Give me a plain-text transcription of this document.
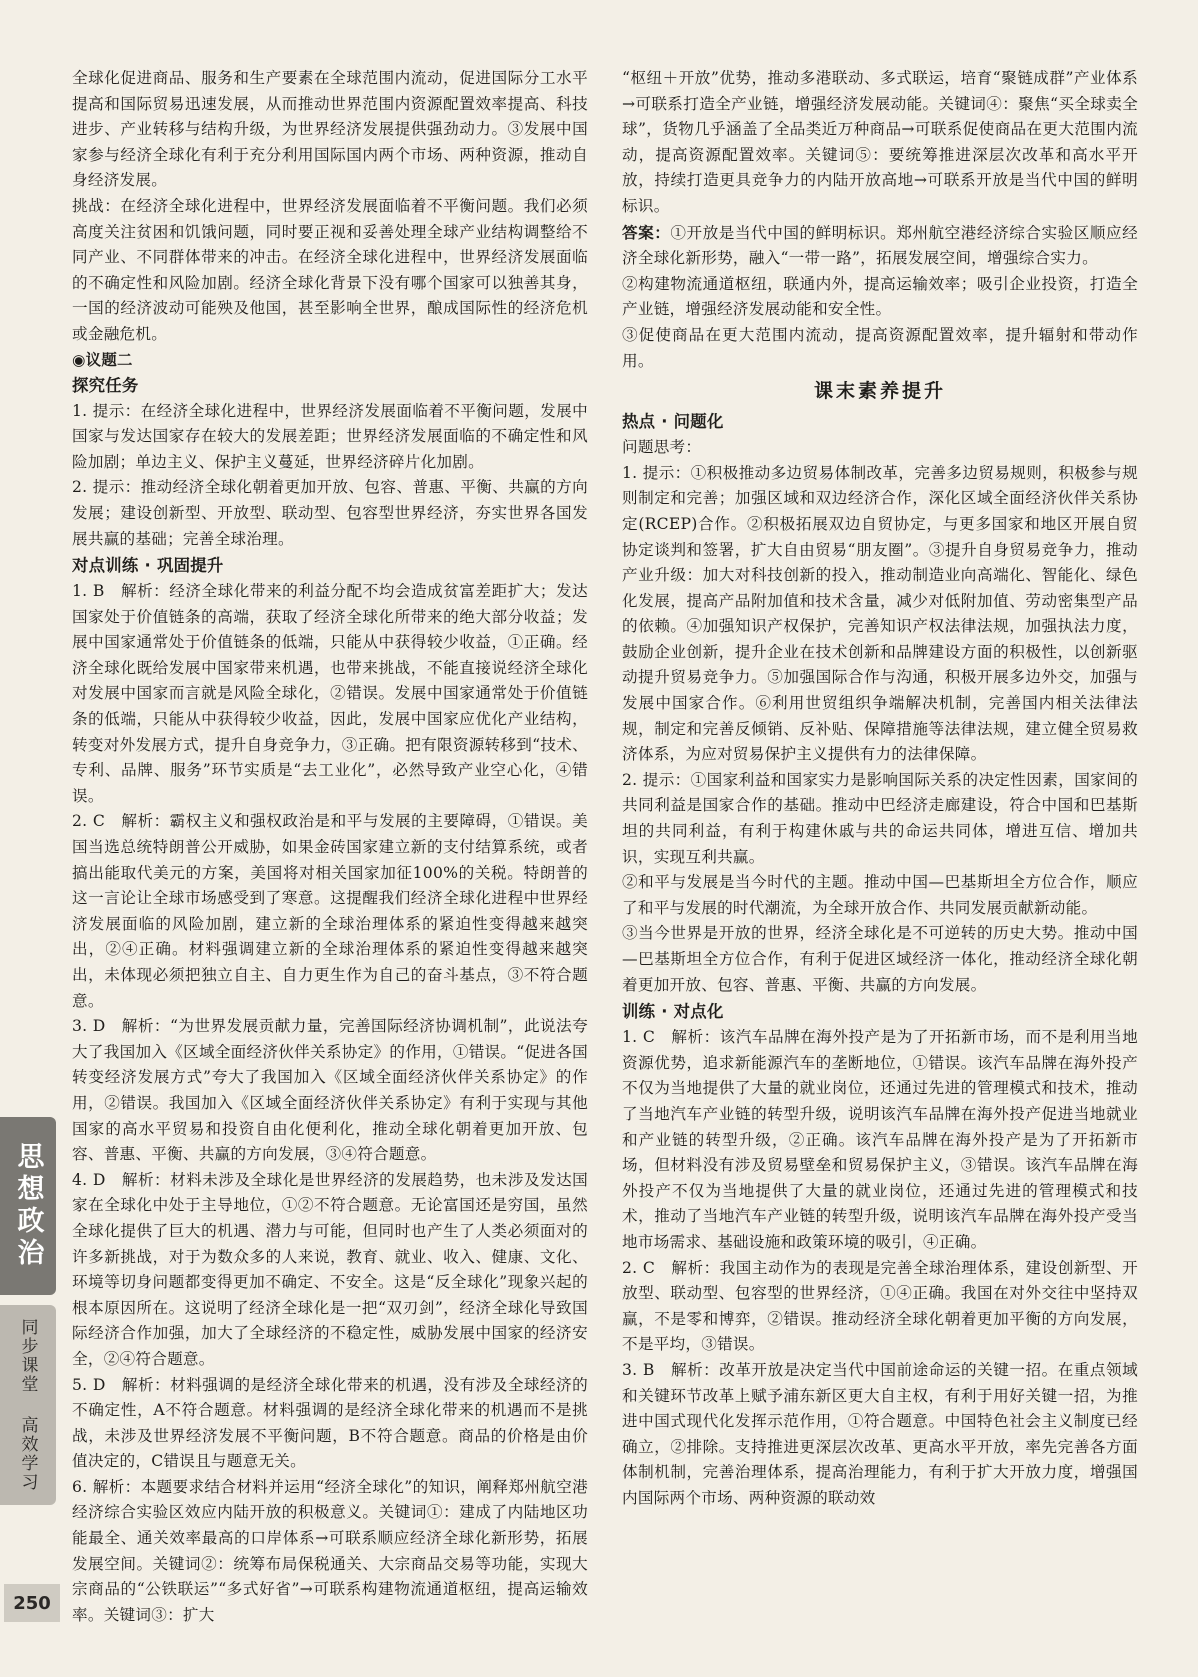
全球化促进商品、服务和生产要素在全球范围内流动，促进国际分工水平提高和国际贸易迅速发展，从而推动世界范围内资源配置效率提高、科技进步、产业转移与结构升级，为世界经济发展提供强劲动力。③发展中国家参与经济全球化有利于充分利用国际国内两个市场、两种资源，推动自身经济发展。

挑战：在经济全球化进程中，世界经济发展面临着不平衡问题。我们必须高度关注贫困和饥饿问题，同时要正视和妥善处理全球产业结构调整给不同产业、不同群体带来的冲击。在经济全球化进程中，世界经济发展面临的不确定性和风险加剧。经济全球化背景下没有哪个国家可以独善其身，一国的经济波动可能殃及他国，甚至影响全世界，酿成国际性的经济危机或金融危机。

◉议题二

探究任务

1. 提示：在经济全球化进程中，世界经济发展面临着不平衡问题，发展中国家与发达国家存在较大的发展差距；世界经济发展面临的不确定性和风险加剧；单边主义、保护主义蔓延，世界经济碎片化加剧。

2. 提示：推动经济全球化朝着更加开放、包容、普惠、平衡、共赢的方向发展；建设创新型、开放型、联动型、包容型世界经济，夯实世界各国发展共赢的基础；完善全球治理。

对点训练 · 巩固提升

1. B　解析：经济全球化带来的利益分配不均会造成贫富差距扩大；发达国家处于价值链条的高端，获取了经济全球化所带来的绝大部分收益；发展中国家通常处于价值链条的低端，只能从中获得较少收益，①正确。经济全球化既给发展中国家带来机遇，也带来挑战，不能直接说经济全球化对发展中国家而言就是风险全球化，②错误。发展中国家通常处于价值链条的低端，只能从中获得较少收益，因此，发展中国家应优化产业结构，转变对外发展方式，提升自身竞争力，③正确。把有限资源转移到“技术、专利、品牌、服务”环节实质是“去工业化”，必然导致产业空心化，④错误。

2. C　解析：霸权主义和强权政治是和平与发展的主要障碍，①错误。美国当选总统特朗普公开威胁，如果金砖国家建立新的支付结算系统，或者搞出能取代美元的方案，美国将对相关国家加征100%的关税。特朗普的这一言论让全球市场感受到了寒意。这提醒我们经济全球化进程中世界经济发展面临的风险加剧，建立新的全球治理体系的紧迫性变得越来越突出，②④正确。材料强调建立新的全球治理体系的紧迫性变得越来越突出，未体现必须把独立自主、自力更生作为自己的奋斗基点，③不符合题意。

3. D　解析：“为世界发展贡献力量，完善国际经济协调机制”，此说法夸大了我国加入《区域全面经济伙伴关系协定》的作用，①错误。“促进各国转变经济发展方式”夸大了我国加入《区域全面经济伙伴关系协定》的作用，②错误。我国加入《区域全面经济伙伴关系协定》有利于实现与其他国家的高水平贸易和投资自由化便利化，推动全球化朝着更加开放、包容、普惠、平衡、共赢的方向发展，③④符合题意。

4. D　解析：材料未涉及全球化是世界经济的发展趋势，也未涉及发达国家在全球化中处于主导地位，①②不符合题意。无论富国还是穷国，虽然全球化提供了巨大的机遇、潜力与可能，但同时也产生了人类必须面对的许多新挑战，对于为数众多的人来说，教育、就业、收入、健康、文化、环境等切身问题都变得更加不确定、不安全。这是“反全球化”现象兴起的根本原因所在。这说明了经济全球化是一把“双刃剑”，经济全球化导致国际经济合作加强，加大了全球经济的不稳定性，威胁发展中国家的经济安全，②④符合题意。

5. D　解析：材料强调的是经济全球化带来的机遇，没有涉及全球经济的不确定性，A不符合题意。材料强调的是经济全球化带来的机遇而不是挑战，未涉及世界经济发展不平衡问题，B不符合题意。商品的价格是由价值决定的，C错误且与题意无关。

6. 解析：本题要求结合材料并运用“经济全球化”的知识，阐释郑州航空港经济综合实验区效应内陆开放的积极意义。关键词①：建成了内陆地区功能最全、通关效率最高的口岸体系→可联系顺应经济全球化新形势，拓展发展空间。关键词②：统筹布局保税通关、大宗商品交易等功能，实现大宗商品的“公铁联运”“多式好省”→可联系构建物流通道枢纽，提高运输效率。关键词③：扩大

“枢纽＋开放”优势，推动多港联动、多式联运，培育“聚链成群”产业体系→可联系打造全产业链，增强经济发展动能。关键词④：聚焦“买全球卖全球”，货物几乎涵盖了全品类近万种商品→可联系促使商品在更大范围内流动，提高资源配置效率。关键词⑤：要统筹推进深层次改革和高水平开放，持续打造更具竞争力的内陆开放高地→可联系开放是当代中国的鲜明标识。

答案：①开放是当代中国的鲜明标识。郑州航空港经济综合实验区顺应经济全球化新形势，融入“一带一路”，拓展发展空间，增强综合实力。

②构建物流通道枢纽，联通内外，提高运输效率；吸引企业投资，打造全产业链，增强经济发展动能和安全性。

③促使商品在更大范围内流动，提高资源配置效率，提升辐射和带动作用。

课末素养提升

热点 · 问题化

问题思考：

1. 提示：①积极推动多边贸易体制改革，完善多边贸易规则，积极参与规则制定和完善；加强区域和双边经济合作，深化区域全面经济伙伴关系协定(RCEP)合作。②积极拓展双边自贸协定，与更多国家和地区开展自贸协定谈判和签署，扩大自由贸易“朋友圈”。③提升自身贸易竞争力，推动产业升级：加大对科技创新的投入，推动制造业向高端化、智能化、绿色化发展，提高产品附加值和技术含量，减少对低附加值、劳动密集型产品的依赖。④加强知识产权保护，完善知识产权法律法规，加强执法力度，鼓励企业创新，提升企业在技术创新和品牌建设方面的积极性，以创新驱动提升贸易竞争力。⑤加强国际合作与沟通，积极开展多边外交，加强与发展中国家合作。⑥利用世贸组织争端解决机制，完善国内相关法律法规，制定和完善反倾销、反补贴、保障措施等法律法规，建立健全贸易救济体系，为应对贸易保护主义提供有力的法律保障。

2. 提示：①国家利益和国家实力是影响国际关系的决定性因素，国家间的共同利益是国家合作的基础。推动中巴经济走廊建设，符合中国和巴基斯坦的共同利益，有利于构建休戚与共的命运共同体，增进互信、增加共识，实现互利共赢。

②和平与发展是当今时代的主题。推动中国—巴基斯坦全方位合作，顺应了和平与发展的时代潮流，为全球开放合作、共同发展贡献新动能。

③当今世界是开放的世界，经济全球化是不可逆转的历史大势。推动中国—巴基斯坦全方位合作，有利于促进区域经济一体化，推动经济全球化朝着更加开放、包容、普惠、平衡、共赢的方向发展。

训练 · 对点化

1. C　解析：该汽车品牌在海外投产是为了开拓新市场，而不是利用当地资源优势，追求新能源汽车的垄断地位，①错误。该汽车品牌在海外投产不仅为当地提供了大量的就业岗位，还通过先进的管理模式和技术，推动了当地汽车产业链的转型升级，说明该汽车品牌在海外投产促进当地就业和产业链的转型升级，②正确。该汽车品牌在海外投产是为了开拓新市场，但材料没有涉及贸易壁垒和贸易保护主义，③错误。该汽车品牌在海外投产不仅为当地提供了大量的就业岗位，还通过先进的管理模式和技术，推动了当地汽车产业链的转型升级，说明该汽车品牌在海外投产受当地市场需求、基础设施和政策环境的吸引，④正确。

2. C　解析：我国主动作为的表现是完善全球治理体系，建设创新型、开放型、联动型、包容型的世界经济，①④正确。我国在对外交往中坚持双赢，不是零和博弈，②错误。推动经济全球化朝着更加平衡的方向发展，不是平均，③错误。

3. B　解析：改革开放是决定当代中国前途命运的关键一招。在重点领域和关键环节改革上赋予浦东新区更大自主权，有利于用好关键一招，为推进中国式现代化发挥示范作用，①符合题意。中国特色社会主义制度已经确立，②排除。支持推进更深层次改革、更高水平开放，率先完善各方面体制机制，完善治理体系，提高治理能力，有利于扩大开放力度，增强国内国际两个市场、两种资源的联动效

思想政治
同步课堂 高效学习
250
